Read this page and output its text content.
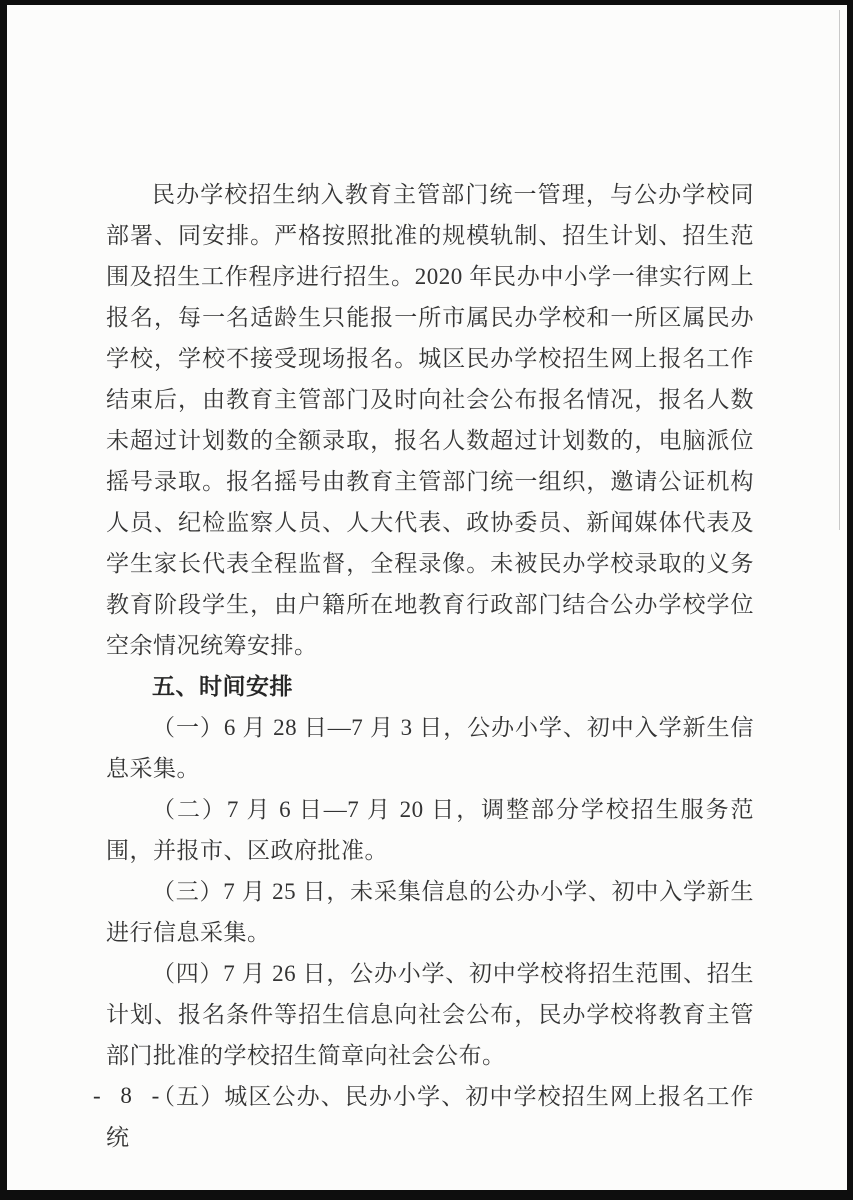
民办学校招生纳入教育主管部门统一管理，与公办学校同部署、同安排。严格按照批准的规模轨制、招生计划、招生范围及招生工作程序进行招生。2020 年民办中小学一律实行网上报名，每一名适龄生只能报一所市属民办学校和一所区属民办学校，学校不接受现场报名。城区民办学校招生网上报名工作结束后，由教育主管部门及时向社会公布报名情况，报名人数未超过计划数的全额录取，报名人数超过计划数的，电脑派位摇号录取。报名摇号由教育主管部门统一组织，邀请公证机构人员、纪检监察人员、人大代表、政协委员、新闻媒体代表及学生家长代表全程监督，全程录像。未被民办学校录取的义务教育阶段学生，由户籍所在地教育行政部门结合公办学校学位空余情况统筹安排。

五、时间安排

（一）6 月 28 日—7 月 3 日，公办小学、初中入学新生信息采集。

（二）7 月 6 日—7 月 20 日，调整部分学校招生服务范围，并报市、区政府批准。

（三）7 月 25 日，未采集信息的公办小学、初中入学新生进行信息采集。

（四）7 月 26 日，公办小学、初中学校将招生范围、招生计划、报名条件等招生信息向社会公布，民办学校将教育主管部门批准的学校招生简章向社会公布。

（五）城区公办、民办小学、初中学校招生网上报名工作统

- 8 -
